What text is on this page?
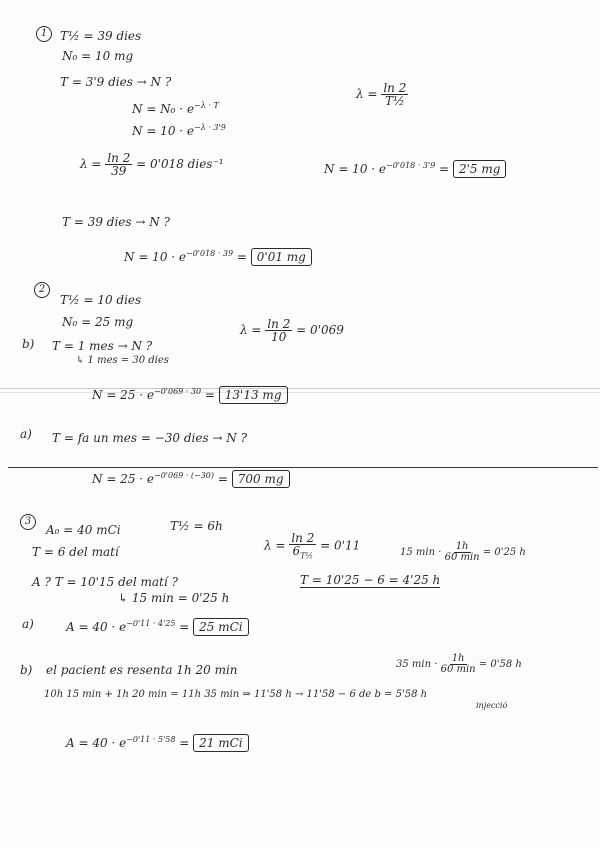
1	T½ = 39 dies
N₀ = 10 mg
T = 3'9 dies → N ?
$\lambda = \frac{\ln 2}{\text{T½}}$
$N = N_0 \cdot e^{-\lambda \cdot T}$
$N = 10 \cdot e^{-\lambda \cdot 3'9}$
$\lambda = \frac{\ln 2}{39} = 0'018$ dies⁻¹	$N = 10 \cdot e^{-0'018 \cdot 3'9} = 2'5$ mg
T = 39 dies → N ?
$N = 10 \cdot e^{-0'018 \cdot 39} = 0'01$ mg
2
T½ = 10 dies
N₀ = 25 mg
$\lambda = \frac{\ln 2}{10} = 0'069$
b) T = 1 mes → N ?
↳ 1 mes = 30 dies
$N = 25 \cdot e^{-0'069 \cdot 30} = 13'13$ mg
a) T = fa un mes = −30 dies → N ?
$N = 25 \cdot e^{-0'069 \cdot (-30)} = 700$ mg
3
A₀ = 40 mCi	T½ = 6h
T = 6 del matí	$\lambda = \frac{\ln 2}{6_{T\frac{1}{2}}} = 0'11$	15 $\min \cdot \frac{1h}{60 \min} = 0'25$ h
A ? T = 10'15 del matí ?	T = 10'25 − 6 = 4'25 h
↳ 15 min = 0'25 h
a)	$A = 40 \cdot e^{-0'11 \cdot 4'25} = 25$ mCi
b) el pacient es resenta 1h 20 min	35 $\min \cdot \frac{1h}{60 \min} = 0'58$ h
10h 15 min + 1h 20 min = 11h 35 min ⇒ 11'58 h → 11'58 − 6 de b = 5'58 h
injecció
$A = 40 \cdot e^{-0'11 \cdot 5'58} = 21$ mCi
